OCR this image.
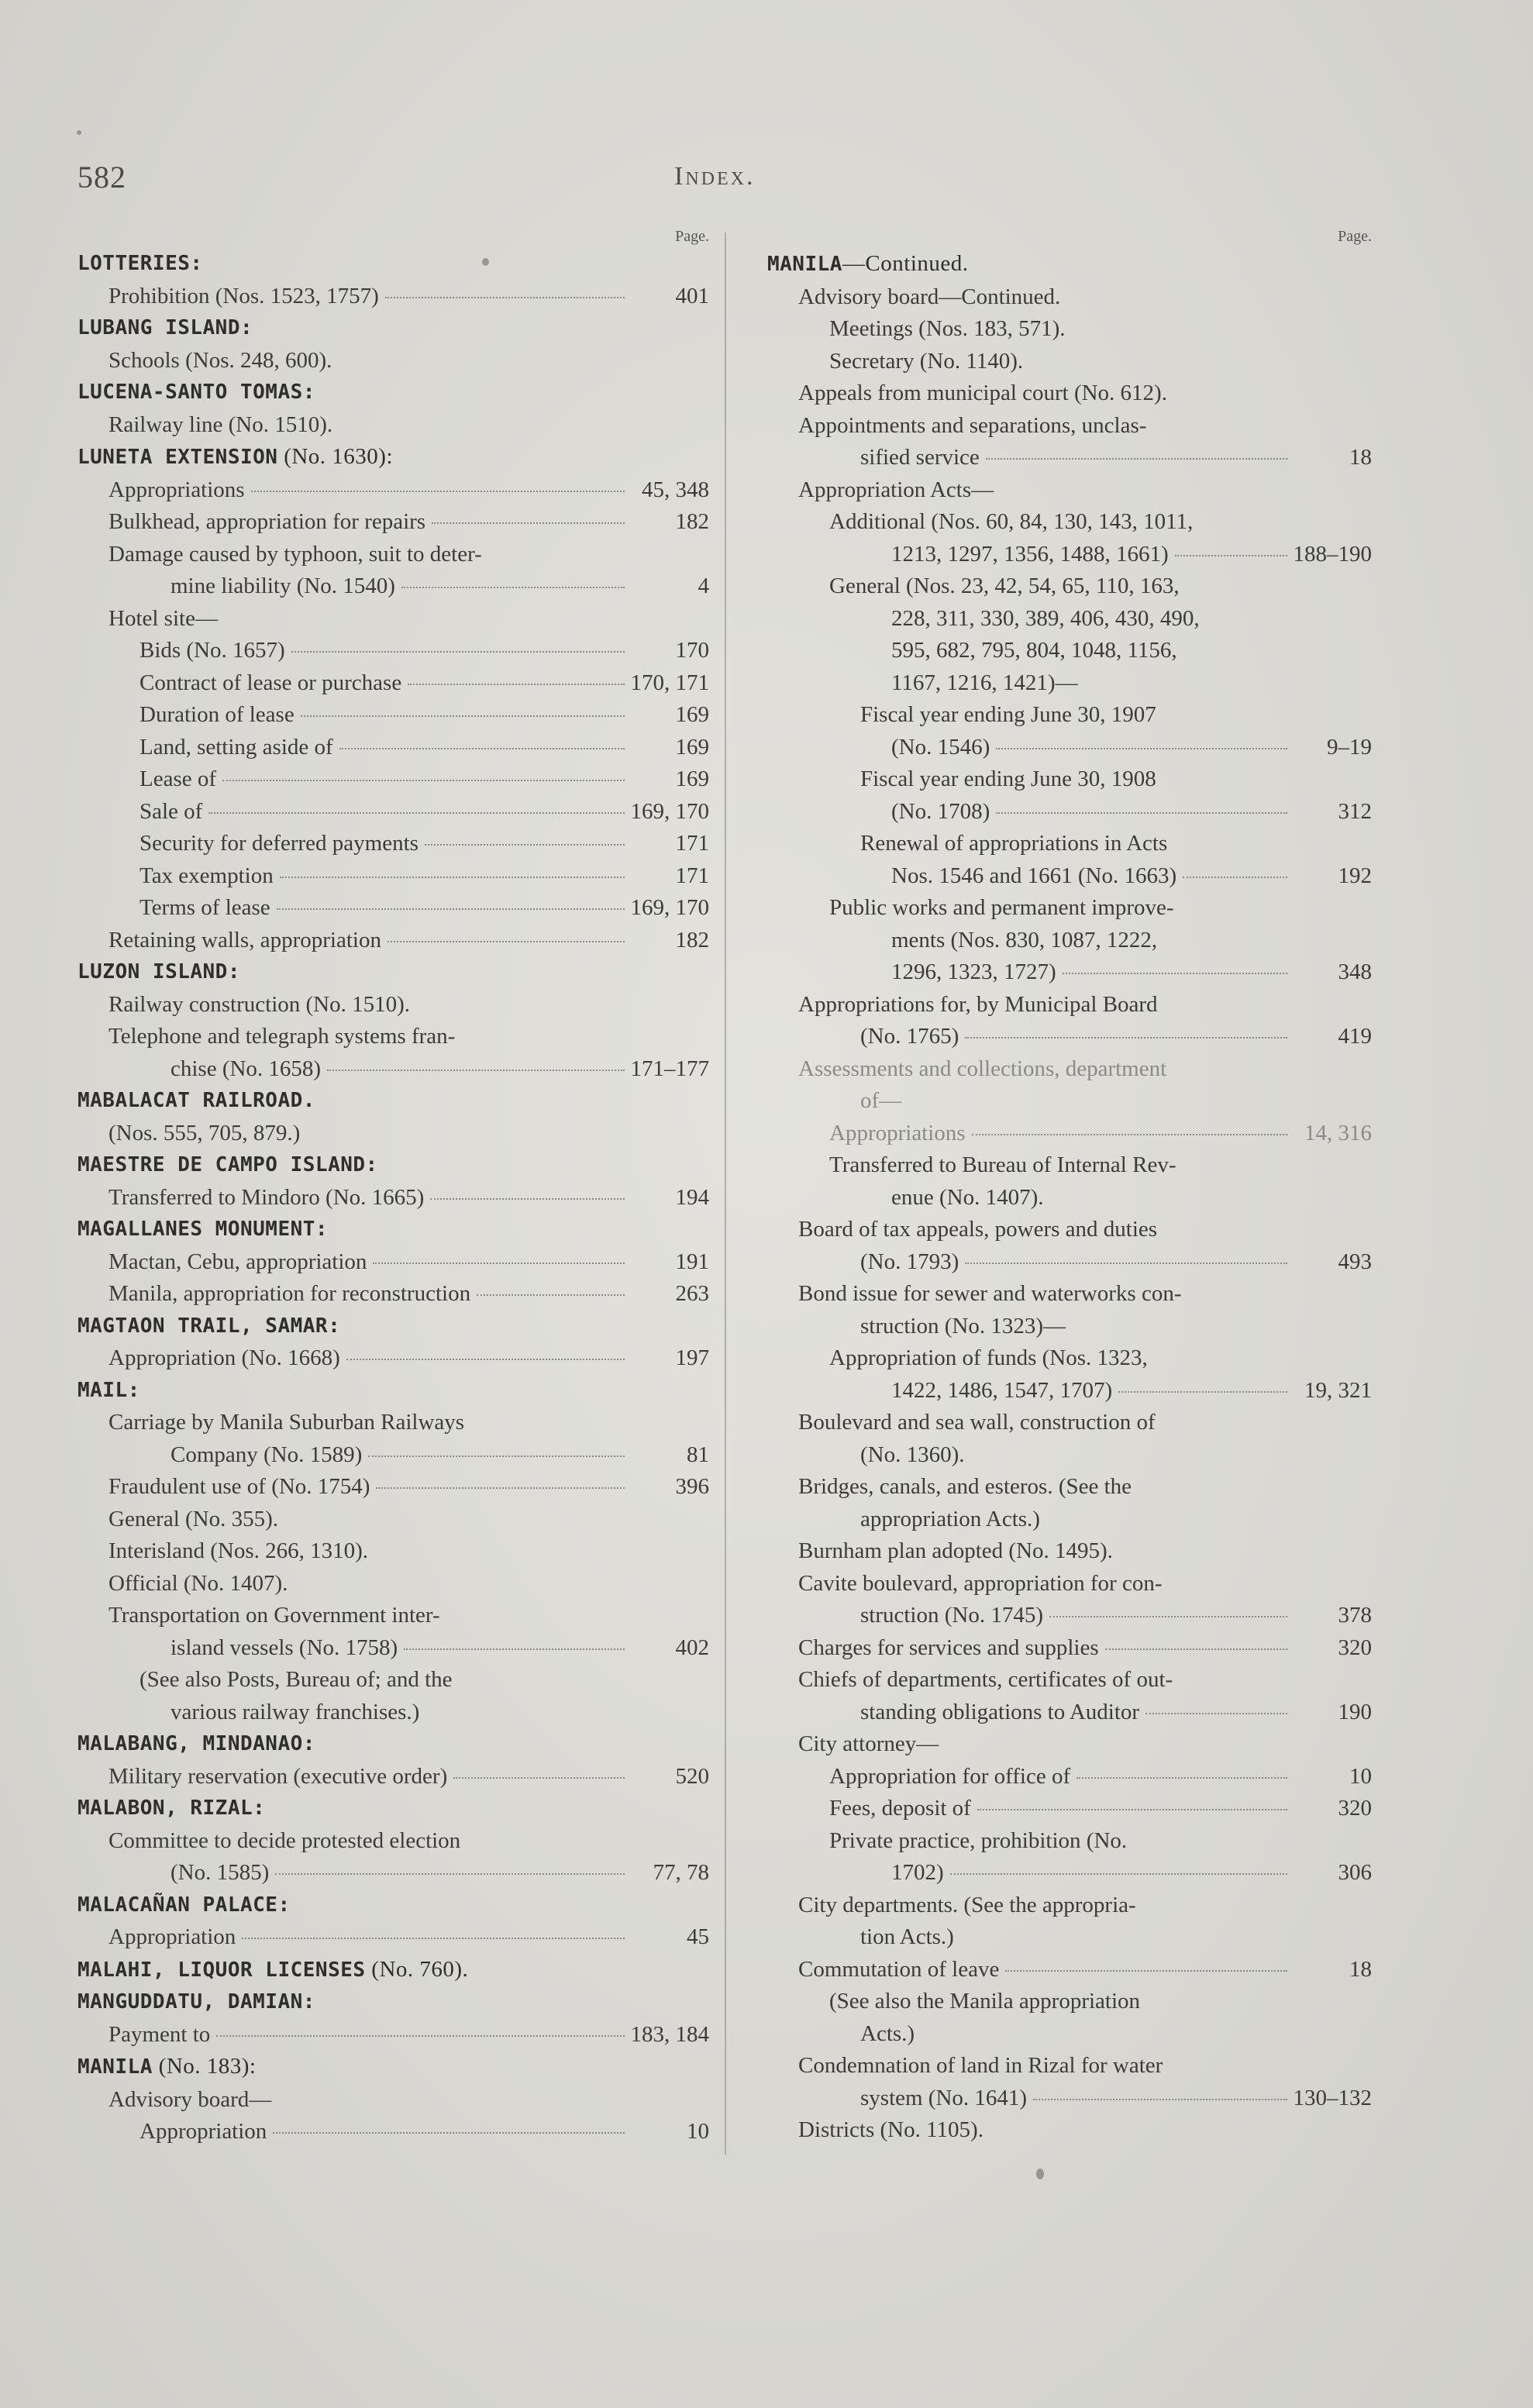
582	Index.
Page.
LOTTERIES:
Prohibition (Nos. 1523, 1757)	401
LUBANG ISLAND:
Schools (Nos. 248, 600).
LUCENA-SANTO TOMAS:
Railway line (No. 1510).
LUNETA EXTENSION (No. 1630):
Appropriations	45, 348
Bulkhead, appropriation for repairs	182
Damage caused by typhoon, suit to deter-
mine liability (No. 1540)	4
Hotel site—
Bids (No. 1657)	170
Contract of lease or purchase	170, 171
Duration of lease	169
Land, setting aside of	169
Lease of	169
Sale of	169, 170
Security for deferred payments	171
Tax exemption	171
Terms of lease	169, 170
Retaining walls, appropriation	182
LUZON ISLAND:
Railway construction (No. 1510).
Telephone and telegraph systems fran-
chise (No. 1658)	171–177
MABALACAT RAILROAD.
(Nos. 555, 705, 879.)
MAESTRE DE CAMPO ISLAND:
Transferred to Mindoro (No. 1665)	194
MAGALLANES MONUMENT:
Mactan, Cebu, appropriation	191
Manila, appropriation for reconstruction	263
MAGTAON TRAIL, SAMAR:
Appropriation (No. 1668)	197
MAIL:
Carriage by Manila Suburban Railways
Company (No. 1589)	81
Fraudulent use of (No. 1754)	396
General (No. 355).
Interisland (Nos. 266, 1310).
Official (No. 1407).
Transportation on Government inter-
island vessels (No. 1758)	402
(See also Posts, Bureau of; and the
various railway franchises.)
MALABANG, MINDANAO:
Military reservation (executive order)	520
MALABON, RIZAL:
Committee to decide protested election
(No. 1585)	77, 78
MALACAÑAN PALACE:
Appropriation	45
MALAHI, LIQUOR LICENSES (No. 760).
MANGUDDATU, DAMIAN:
Payment to	183, 184
MANILA (No. 183):
Advisory board—
Appropriation	10
Page.
MANILA—Continued.
Advisory board—Continued.
Meetings (Nos. 183, 571).
Secretary (No. 1140).
Appeals from municipal court (No. 612).
Appointments and separations, unclas-
sified service	18
Appropriation Acts—
Additional (Nos. 60, 84, 130, 143, 1011,
1213, 1297, 1356, 1488, 1661)	188–190
General (Nos. 23, 42, 54, 65, 110, 163,
228, 311, 330, 389, 406, 430, 490,
595, 682, 795, 804, 1048, 1156,
1167, 1216, 1421)—
Fiscal year ending June 30, 1907
(No. 1546)	9–19
Fiscal year ending June 30, 1908
(No. 1708)	312
Renewal of appropriations in Acts
Nos. 1546 and 1661 (No. 1663)	192
Public works and permanent improve-
ments (Nos. 830, 1087, 1222,
1296, 1323, 1727)	348
Appropriations for, by Municipal Board
(No. 1765)	419
Assessments and collections, department
of—
Appropriations	14, 316
Transferred to Bureau of Internal Rev-
enue (No. 1407).
Board of tax appeals, powers and duties
(No. 1793)	493
Bond issue for sewer and waterworks con-
struction (No. 1323)—
Appropriation of funds (Nos. 1323,
1422, 1486, 1547, 1707)	19, 321
Boulevard and sea wall, construction of
(No. 1360).
Bridges, canals, and esteros. (See the
appropriation Acts.)
Burnham plan adopted (No. 1495).
Cavite boulevard, appropriation for con-
struction (No. 1745)	378
Charges for services and supplies	320
Chiefs of departments, certificates of out-
standing obligations to Auditor	190
City attorney—
Appropriation for office of	10
Fees, deposit of	320
Private practice, prohibition (No.
1702)	306
City departments. (See the appropria-
tion Acts.)
Commutation of leave	18
(See also the Manila appropriation
Acts.)
Condemnation of land in Rizal for water
system (No. 1641)	130–132
Districts (No. 1105).
